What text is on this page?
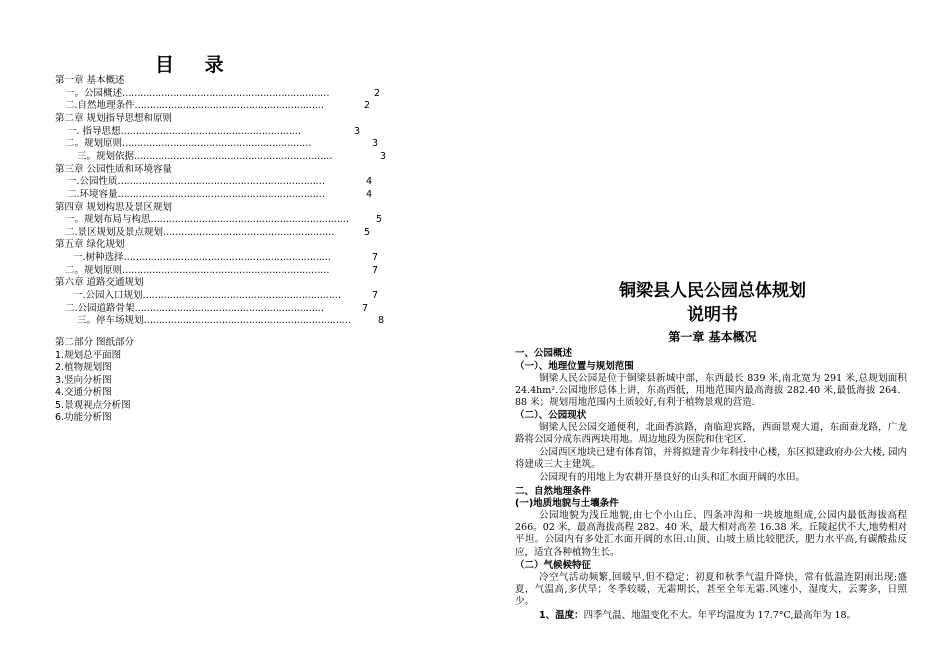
目 录
第一章 基本概述
一。公园概述 ……………………………………………………………	2
二.自然地理条件 ………………………………………………………	2
第二章 规划指导思想和原则
一. 指导思想 ……………………………………………………	3
二。规划原则 ………………………………………………………	3
三。规划依据 …………………………………………………………	3
第三章 公园性质和环境容量
一.公园性质 ……………………………………………………………	4
二.环境容量 ……………………………………………………………	4
第四章 规划构思及景区规划
一。规划布局与构思 …………………………………………………………	5
二.景区规划及景点规划 …………………………………………………	5
第五章 绿化规划
一.树种选择 ……………………………………………………………	7
二。规划原则 ……………………………………………………………	7
第六章 道路交通规划
一.公园入口规划 …………………………………………………………	7
二.公园道路骨架 ………………………………………………………	7
三。停车场规划 ……………………………………………………………	8
第二部分 图纸部分
1.规划总平面图
2.植物规划图
3.竖向分析图
4.交通分析图
5.景观视点分析图
6.功能分析图
铜梁县人民公园总体规划
说明书
第一章 基本概况
一、公园概述
（一）、地理位置与规划范围
铜梁人民公园是位于铜梁县新城中部，东西最长 839 米,南北宽为 291 米,总规划面积 24.4hm².公园地形总体上讲，东高西低，用地范围内最高海拔 282.40 米,最低海拔 264．88 米；规划用地范围内土质较好,有利于植物景观的营造.
（二）、公园现状
铜梁人民公园交通便利，北面香滨路，南临迎宾路，西面景观大道，东面蚕龙路，广龙路将公园分成东西两块用地。周边地段为医院和住宅区.
公园西区地块已建有体育馆，并将拟建青少年科技中心楼，东区拟建政府办公大楼, 园内将建成三大主建筑。
公园现有的用地上为农耕开垦良好的山头和汇水面开阔的水田。
二、自然地理条件
(一)地质地貌与土壤条件
公园地貌为浅丘地貌,由七个小山丘、四条冲沟和一块坡地组成,公园内最低海拔高程 266。02 米，最高海拔高程 282。40 米，最大相对高差 16.38 米。丘陵起伏不大,地势相对平坦。公园内有多处汇水面开阔的水田.山顶、山坡土质比较肥沃，肥力水平高,有碳酸盐反应，适宜各种植物生长。
（二）气候候特征
冷空气活动频繁,回暖早,但不稳定；初夏和秋季气温升降快，常有低温连阴雨出现;盛夏，气温高,多伏旱；冬季较暖，无霜期长，甚至全年无霜.风速小，湿度大，云雾多，日照少。
1、温度：四季气温、地温变化不大。年平均温度为 17.7°C,最高年为 18。
